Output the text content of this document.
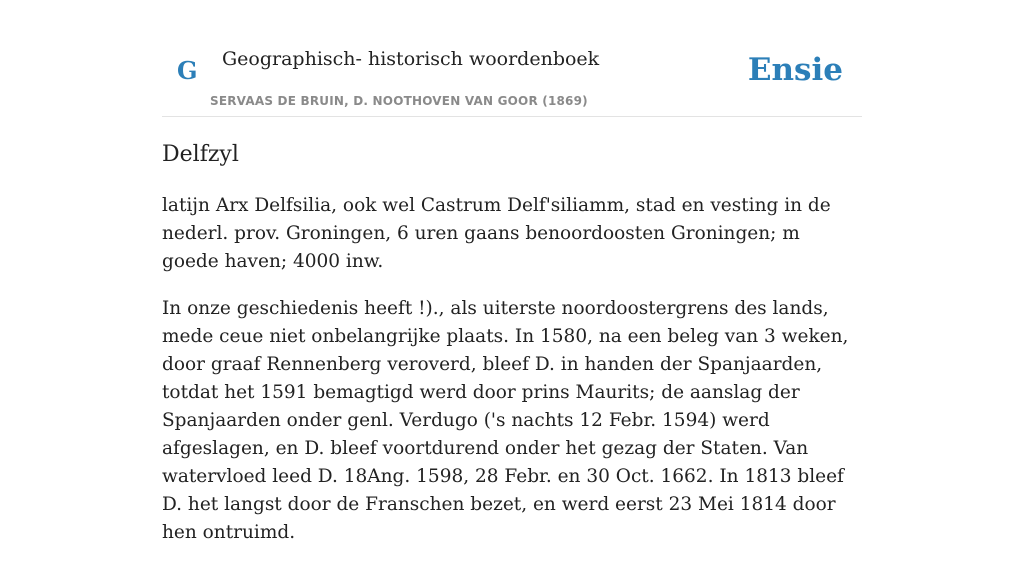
G Geographisch- historisch woordenboek
SERVAAS DE BRUIN, D. NOOTHOVEN VAN GOOR (1869)
Ensie
Delfzyl

latijn Arx Delfsilia, ook wel Castrum Delf'siliamm, stad en vesting in de nederl. prov. Groningen, 6 uren gaans benoordoosten Groningen; m goede haven; 4000 inw.

In onze geschiedenis heeft !)., als uiterste noordoostergrens des lands, mede ceue niet onbelangrijke plaats. In 1580, na een beleg van 3 weken, door graaf Rennenberg veroverd, bleef D. in handen der Spanjaarden, totdat het 1591 bemagtigd werd door prins Maurits; de aanslag der Spanjaarden onder genl. Verdugo ('s nachts 12 Febr. 1594) werd afgeslagen, en D. bleef voortdurend onder het gezag der Staten. Van watervloed leed D. 18Ang. 1598, 28 Febr. en 30 Oct. 1662. In 1813 bleef D. het langst door de Franschen bezet, en werd eerst 23 Mei 1814 door hen ontruimd.
